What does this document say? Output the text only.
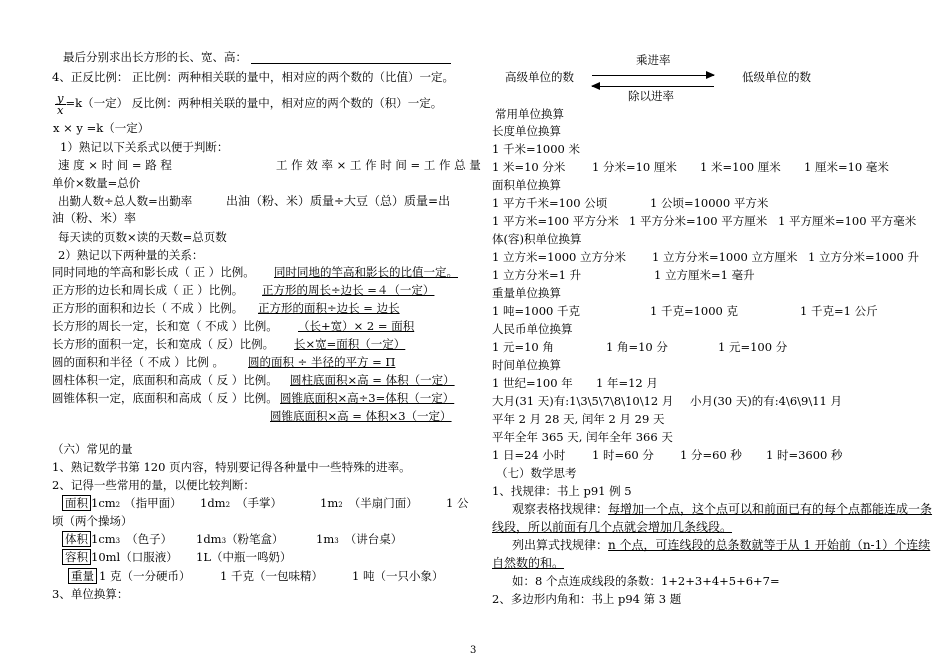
最后分别求出长方形的长、宽、高：
4、正反比例： 正比例：两种相关联的量中，相对应的两个数的（比值）一定。
$\frac{y}{x} =k$（一定） 反比例：两种相关联的量中，相对应的两个数的（积）一定。
x × y =k（一定）
1）熟记以下关系式以便于判断：
速 度 × 时 间 = 路 程	工 作 效 率 × 工 作 时 间 = 工 作 总 量
单价×数量=总价
出勤人数÷总人数=出勤率	出油（粉、米）质量÷大豆（总）质量=出
油（粉、米）率
每天读的页数×读的天数=总页数
2）熟记以下两种量的关系：
同时同地的竿高和影长成（ 正 ）比例。 同时同地的竿高和影长的比值一定。
正方形的边长和周长成（ 正 ）比例。 正方形的周长÷边长 =４（一定）
正方形的面积和边长（ 不成 ）比例。 正方形的面积÷边长 = 边长
长方形的周长一定，长和宽（ 不成 ）比例。 （长+宽）× 2 = 面积
长方形的面积一定，长和宽成（ 反）比例。 长×宽=面积（一定）
圆的面积和半径（ 不成 ）比例 。 圆的面积 ÷ 半径的平方 = Π
圆柱体积一定，底面积和高成（ 反 ）比例。 圆柱底面积×高 = 体积（一定）
圆锥体积一定，底面积和高成（ 反 ）比例。 圆锥底面积×高÷3=体积（一定）
圆锥底面积×高 = 体积×3（一定）
（六）常见的量
1、熟记数学书第 120 页内容，特别要记得各种量中一些特殊的进率。
2、记得一些常用的量，以便比较判断：
面积 1cm2 （指甲面） 1dm2 （手掌）	1m2 （半扇门面） 1 公
顷（两个操场）
体积 1cm3 （色子） 1dm3（粉笔盒）	1m3 （讲台桌）
容积 10ml（口服液） 1L（中瓶一鸣奶）
重量 1 克（一分硬币）	1 千克（一包味精）	1 吨（一只小象）
3、单位换算：
乘进率
高级单位的数	低级单位的数
除以进率
常用单位换算
长度单位换算
1 千米=1000 米
1 米=10 分米 1 分米=10 厘米 1 米=100 厘米 1 厘米=10 毫米
面积单位换算
1 平方千米=100 公顷	1 公顷=10000 平方米
1 平方米=100 平方分米 1 平方分米=100 平方厘米 1 平方厘米=100 平方毫米
体(容)积单位换算
1 立方米=1000 立方分米 1 立方分米=1000 立方厘米 1 立方分米=1000 升
1 立方分米=1 升	1 立方厘米=1 毫升
重量单位换算
1 吨=1000 千克	1 千克=1000 克	1 千克=1 公斤
人民币单位换算
1 元=10 角	1 角=10 分	1 元=100 分
时间单位换算
1 世纪=100 年 1 年=12 月
大月(31 天)有:1\3\5\7\8\10\12 月 小月(30 天)的有:4\6\9\11 月
平年 2 月 28 天, 闰年 2 月 29 天
平年全年 365 天, 闰年全年 366 天
1 日=24 小时 1 时=60 分 1 分=60 秒 1 时=3600 秒
（七）数学思考
1、找规律：书上 p91 例 5
观察表格找规律：每增加一个点，这个点可以和前面已有的每个点都能连成一条
线段，所以前面有几个点就会增加几条线段。
列出算式找规律：n 个点，可连线段的总条数就等于从 1 开始前（n-1）个连续
自然数的和。
如：8 个点连成线段的条数：1+2+3+4+5+6+7=
2、多边形内角和：书上 p94 第 3 题
3
